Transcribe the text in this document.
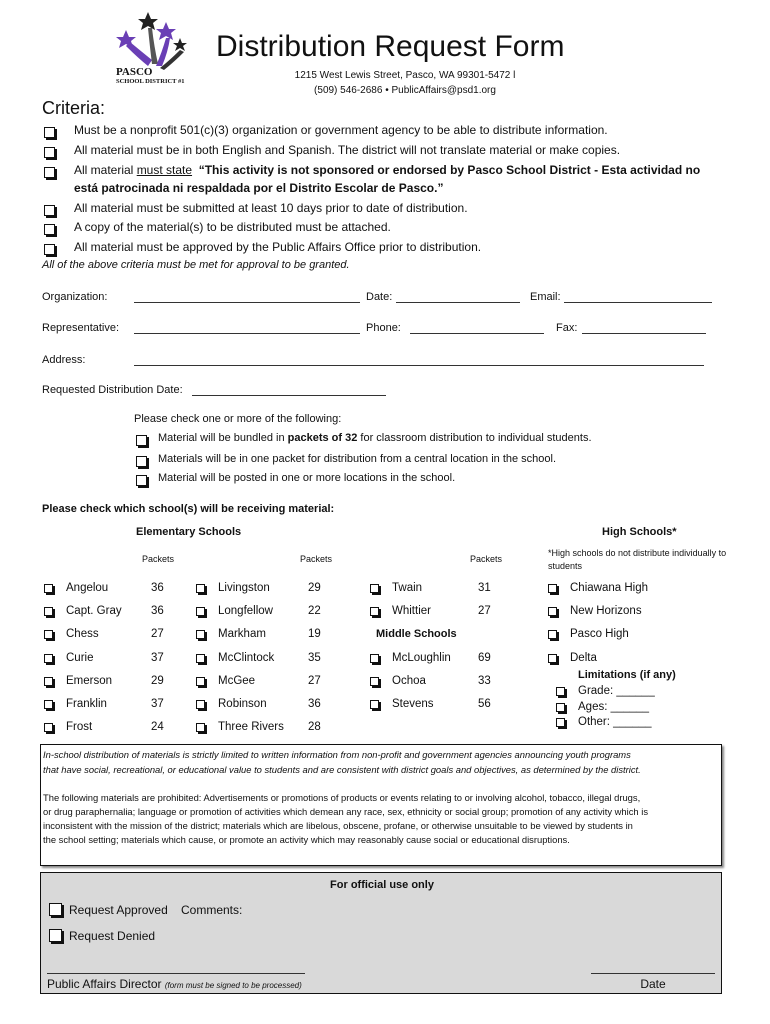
PASCO
SCHOOL DISTRICT #1
Distribution Request Form
1215 West Lewis Street, Pasco, WA 99301-5472 l
(509) 546-2686 • PublicAffairs@psd1.org
Criteria:
Must be a nonprofit 501(c)(3) organization or government agency to be able to distribute information.
All material must be in both English and Spanish. The district will not translate material or make copies.
All material must state “This activity is not sponsored or endorsed by Pasco School District - Esta actividad no
está patrocinada ni respaldada por el Distrito Escolar de Pasco.”
All material must be submitted at least 10 days prior to date of distribution.
A copy of the material(s) to be distributed must be attached.
All material must be approved by the Public Affairs Office prior to distribution.
All of the above criteria must be met for approval to be granted.
Organization:	Date:	Email:
Representative:	Phone:	Fax:
Address:
Requested Distribution Date:
Please check one or more of the following:
Material will be bundled in packets of 32 for classroom distribution to individual students.
Materials will be in one packet for distribution from a central location in the school.
Material will be posted in one or more locations in the school.
Please check which school(s) will be receiving material:
Elementary Schools	High Schools*
Packets	Packets	Packets
*High schools do not distribute individually to students
Angelou	36
Capt. Gray	36
Chess	27
Curie	37
Emerson	29
Franklin	37
Frost	24
Livingston	29
Longfellow	22
Markham	19
McClintock	35
McGee	27
Robinson	36
Three Rivers 28
Twain	31
Whittier	27
Middle Schools
McLoughlin 69
Ochoa	33
Stevens	56
Chiawana High
New Horizons
Pasco High
Delta
Limitations (if any)
Grade: ______
Ages: ______
Other: ______
In-school distribution of materials is strictly limited to written information from non-profit and government agencies announcing youth programs
that have social, recreational, or educational value to students and are consistent with district goals and objectives, as determined by the district.
The following materials are prohibited: Advertisements or promotions of products or events relating to or involving alcohol, tobacco, illegal drugs,
or drug paraphernalia; language or promotion of activities which demean any race, sex, ethnicity or social group; promotion of any activity which is
inconsistent with the mission of the district; materials which are libelous, obscene, profane, or otherwise unsuitable to be viewed by students in
the school setting; materials which cause, or promote an activity which may reasonably cause social or educational disruptions.
For official use only
Request Approved Comments:
Request Denied
Public Affairs Director (form must be signed to be processed)	Date
